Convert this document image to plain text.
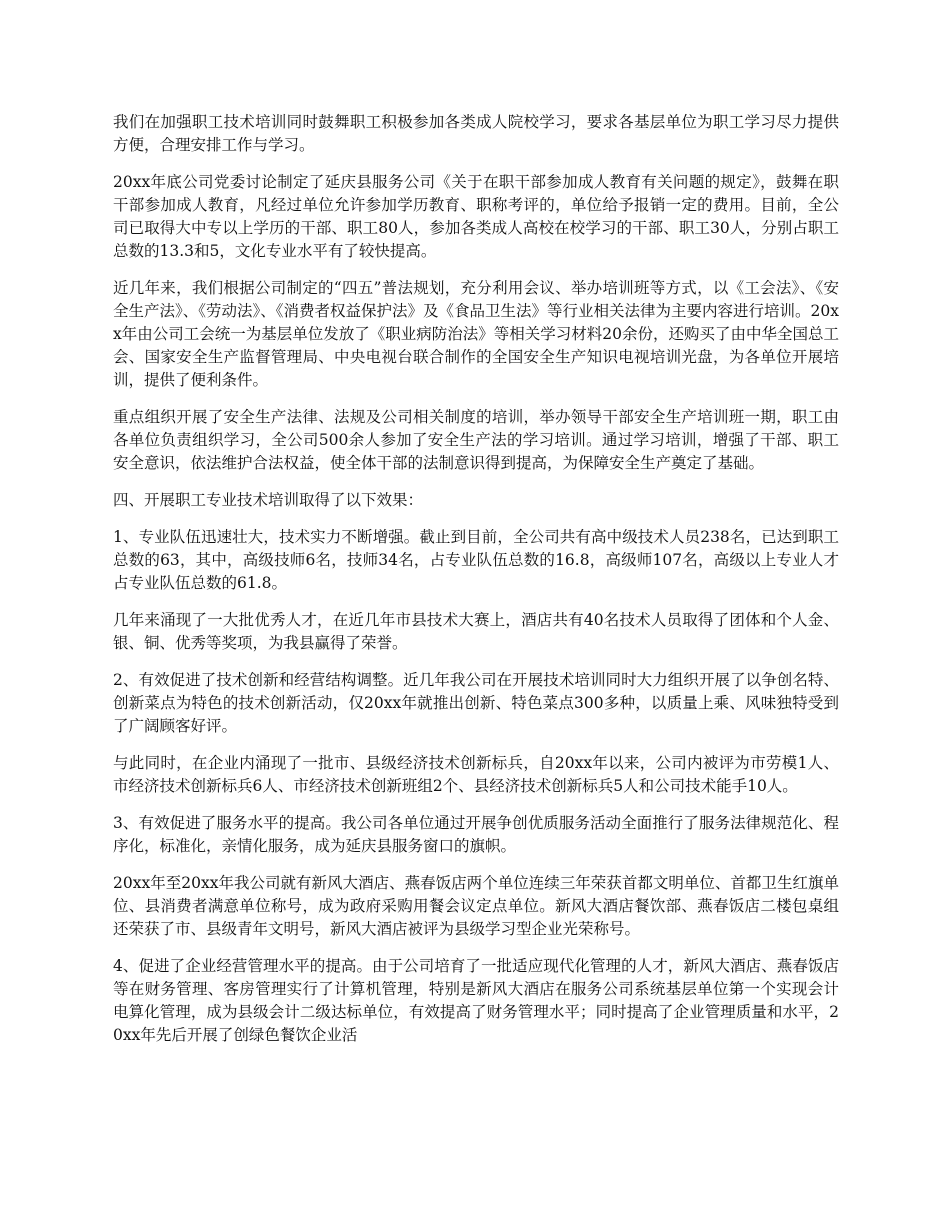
我们在加强职工技术培训同时鼓舞职工积极参加各类成人院校学习，要求各基层单位为职工学习尽力提供方便，合理安排工作与学习。

20xx年底公司党委讨论制定了延庆县服务公司《关于在职干部参加成人教育有关问题的规定》，鼓舞在职干部参加成人教育，凡经过单位允许参加学历教育、职称考评的，单位给予报销一定的费用。目前，全公司已取得大中专以上学历的干部、职工80人，参加各类成人高校在校学习的干部、职工30人，分别占职工总数的13.3和5，文化专业水平有了较快提高。

近几年来，我们根据公司制定的“四五”普法规划，充分利用会议、举办培训班等方式，以《工会法》、《安全生产法》、《劳动法》、《消费者权益保护法》及《食品卫生法》等行业相关法律为主要内容进行培训。20xx年由公司工会统一为基层单位发放了《职业病防治法》等相关学习材料20余份，还购买了由中华全国总工会、国家安全生产监督管理局、中央电视台联合制作的全国安全生产知识电视培训光盘，为各单位开展培训，提供了便利条件。

重点组织开展了安全生产法律、法规及公司相关制度的培训，举办领导干部安全生产培训班一期，职工由各单位负责组织学习，全公司500余人参加了安全生产法的学习培训。通过学习培训，增强了干部、职工安全意识，依法维护合法权益，使全体干部的法制意识得到提高，为保障安全生产奠定了基础。

四、开展职工专业技术培训取得了以下效果：

1、专业队伍迅速壮大，技术实力不断增强。截止到目前，全公司共有高中级技术人员238名，已达到职工总数的63，其中，高级技师6名，技师34名，占专业队伍总数的16.8，高级师107名，高级以上专业人才占专业队伍总数的61.8。

几年来涌现了一大批优秀人才，在近几年市县技术大赛上，酒店共有40名技术人员取得了团体和个人金、银、铜、优秀等奖项，为我县赢得了荣誉。

2、有效促进了技术创新和经营结构调整。近几年我公司在开展技术培训同时大力组织开展了以争创名特、创新菜点为特色的技术创新活动，仅20xx年就推出创新、特色菜点300多种，以质量上乘、风味独特受到了广阔顾客好评。

与此同时，在企业内涌现了一批市、县级经济技术创新标兵，自20xx年以来，公司内被评为市劳模1人、市经济技术创新标兵6人、市经济技术创新班组2个、县经济技术创新标兵5人和公司技术能手10人。

3、有效促进了服务水平的提高。我公司各单位通过开展争创优质服务活动全面推行了服务法律规范化、程序化，标准化，亲情化服务，成为延庆县服务窗口的旗帜。

20xx年至20xx年我公司就有新风大酒店、燕春饭店两个单位连续三年荣获首都文明单位、首都卫生红旗单位、县消费者满意单位称号，成为政府采购用餐会议定点单位。新风大酒店餐饮部、燕春饭店二楼包桌组还荣获了市、县级青年文明号，新风大酒店被评为县级学习型企业光荣称号。

4、促进了企业经营管理水平的提高。由于公司培育了一批适应现代化管理的人才，新风大酒店、燕春饭店等在财务管理、客房管理实行了计算机管理，特别是新风大酒店在服务公司系统基层单位第一个实现会计电算化管理，成为县级会计二级达标单位，有效提高了财务管理水平；同时提高了企业管理质量和水平，20xx年先后开展了创绿色餐饮企业活
